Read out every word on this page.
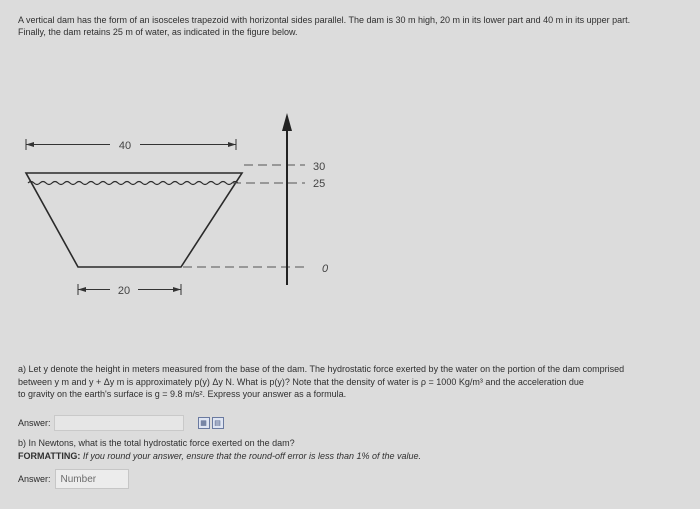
A vertical dam has the form of an isosceles trapezoid with horizontal sides parallel. The dam is 30 m high, 20 m in its lower part and 40 m in its upper part.
Finally, the dam retains 25 m of water, as indicated in the figure below.
40
30
25
0
20
a) Let y denote the height in meters measured from the base of the dam. The hydrostatic force exerted by the water on the portion of the dam comprised
between y m and y + Δy m is approximately p(y) Δy N. What is p(y)? Note that the density of water is ρ = 1000 Kg/m³ and the acceleration due
to gravity on the earth's surface is g = 9.8 m/s². Express your answer as a formula.
Answer:	▦	▤
b) In Newtons, what is the total hydrostatic force exerted on the dam?
FORMATTING: If you round your answer, ensure that the round-off error is less than 1% of the value.
Answer:
Number
